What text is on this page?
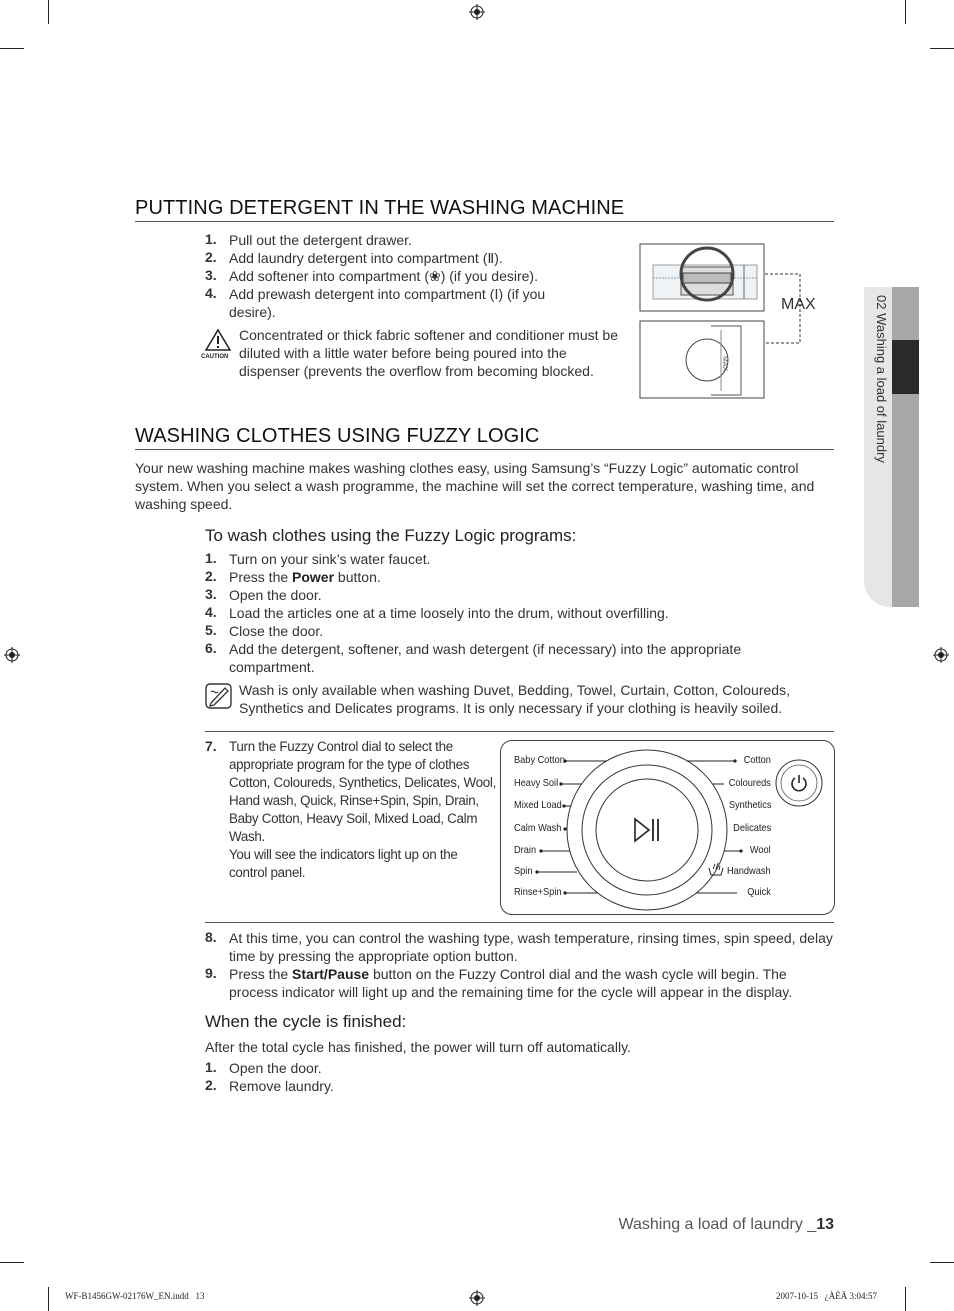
02 Washing a load of laundry
PUTTING DETERGENT IN THE WASHING MACHINE
1. Pull out the detergent drawer.
2. Add laundry detergent into compartment (Ⅱ).
3. Add softener into compartment (❀) (if you desire).
4. Add prewash detergent into compartment (Ⅰ) (if you desire).
CAUTION
Concentrated or thick fabric softener and conditioner must be diluted with a little water before being poured into the dispenser (prevents the overflow from becoming blocked.
MAX
MAX
WASHING CLOTHES USING FUZZY LOGIC
Your new washing machine makes washing clothes easy, using Samsung’s “Fuzzy Logic” automatic control system. When you select a wash programme, the machine will set the correct temperature, washing time, and washing speed.
To wash clothes using the Fuzzy Logic programs:
1. Turn on your sink’s water faucet.
2. Press the Power button.
3. Open the door.
4. Load the articles one at a time loosely into the drum, without overfilling.
5. Close the door.
6. Add the detergent, softener, and wash detergent (if necessary) into the appropriate compartment.
Wash is only available when washing Duvet, Bedding, Towel, Curtain, Cotton, Coloureds, Synthetics and Delicates programs. It is only necessary if your clothing is heavily soiled.
7. Turn the Fuzzy Control dial to select the appropriate program for the type of clothes Cotton, Coloureds, Synthetics, Delicates, Wool, Hand wash, Quick, Rinse+Spin, Spin, Drain, Baby Cotton, Heavy Soil, Mixed Load, Calm Wash.
You will see the indicators light up on the control panel.
Baby Cotton
Heavy Soil
Mixed Load
Calm Wash
Drain
Spin
Rinse+Spin
Cotton
Coloureds
Synthetics
Delicates
Wool
Handwash
Quick
8. At this time, you can control the washing type, wash temperature, rinsing times, spin speed, delay time by pressing the appropriate option button.
9. Press the Start/Pause button on the Fuzzy Control dial and the wash cycle will begin. The process indicator will light up and the remaining time for the cycle will appear in the display.
When the cycle is finished:
After the total cycle has finished, the power will turn off automatically.
1. Open the door.
2. Remove laundry.
Washing a load of laundry _13
WF-B1456GW-02176W_EN.indd   13	2007-10-15   ¿ÀÈÄ 3:04:57
